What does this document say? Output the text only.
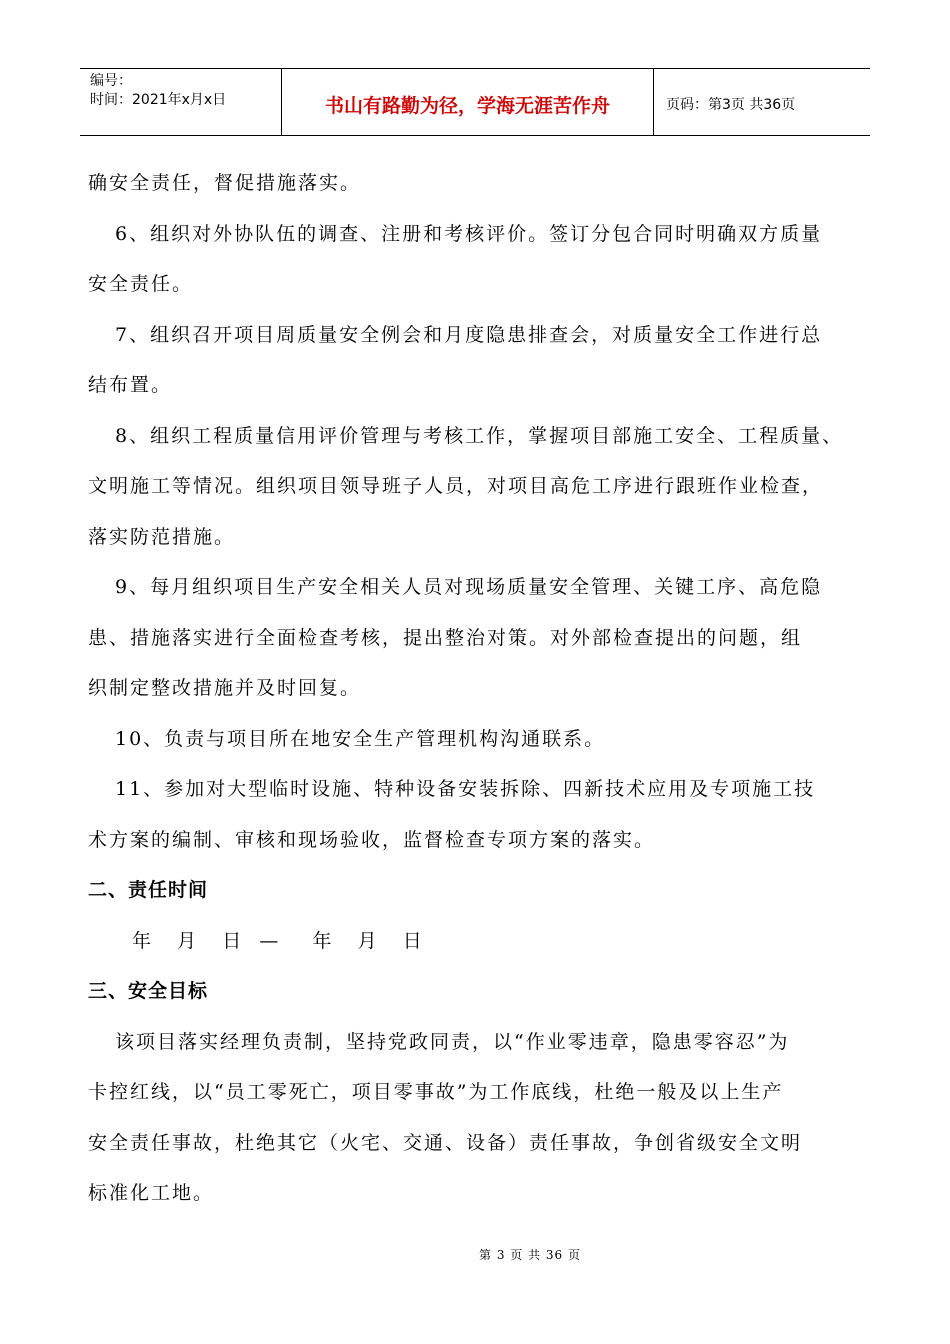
编号：
时间：2021年x月x日	书山有路勤为径，学海无涯苦作舟	页码：第3页 共36页

确安全责任，督促措施落实。

6、组织对外协队伍的调查、注册和考核评价。签订分包合同时明确双方质量

安全责任。

7、组织召开项目周质量安全例会和月度隐患排查会，对质量安全工作进行总

结布置。

8、组织工程质量信用评价管理与考核工作，掌握项目部施工安全、工程质量、

文明施工等情况。组织项目领导班子人员，对项目高危工序进行跟班作业检查，

落实防范措施。

9、每月组织项目生产安全相关人员对现场质量安全管理、关键工序、高危隐

患、措施落实进行全面检查考核，提出整治对策。对外部检查提出的问题，组

织制定整改措施并及时回复。

10、负责与项目所在地安全生产管理机构沟通联系。

11、参加对大型临时设施、特种设备安装拆除、四新技术应用及专项施工技

术方案的编制、审核和现场验收，监督检查专项方案的落实。

二、责任时间

年   月   日  —    年   月   日

三、安全目标

该项目落实经理负责制，坚持党政同责，以“作业零违章，隐患零容忍”为

卡控红线，以“员工零死亡，项目零事故”为工作底线，杜绝一般及以上生产

安全责任事故，杜绝其它（火宅、交通、设备）责任事故，争创省级安全文明

标准化工地。

第 3 页 共 36 页
